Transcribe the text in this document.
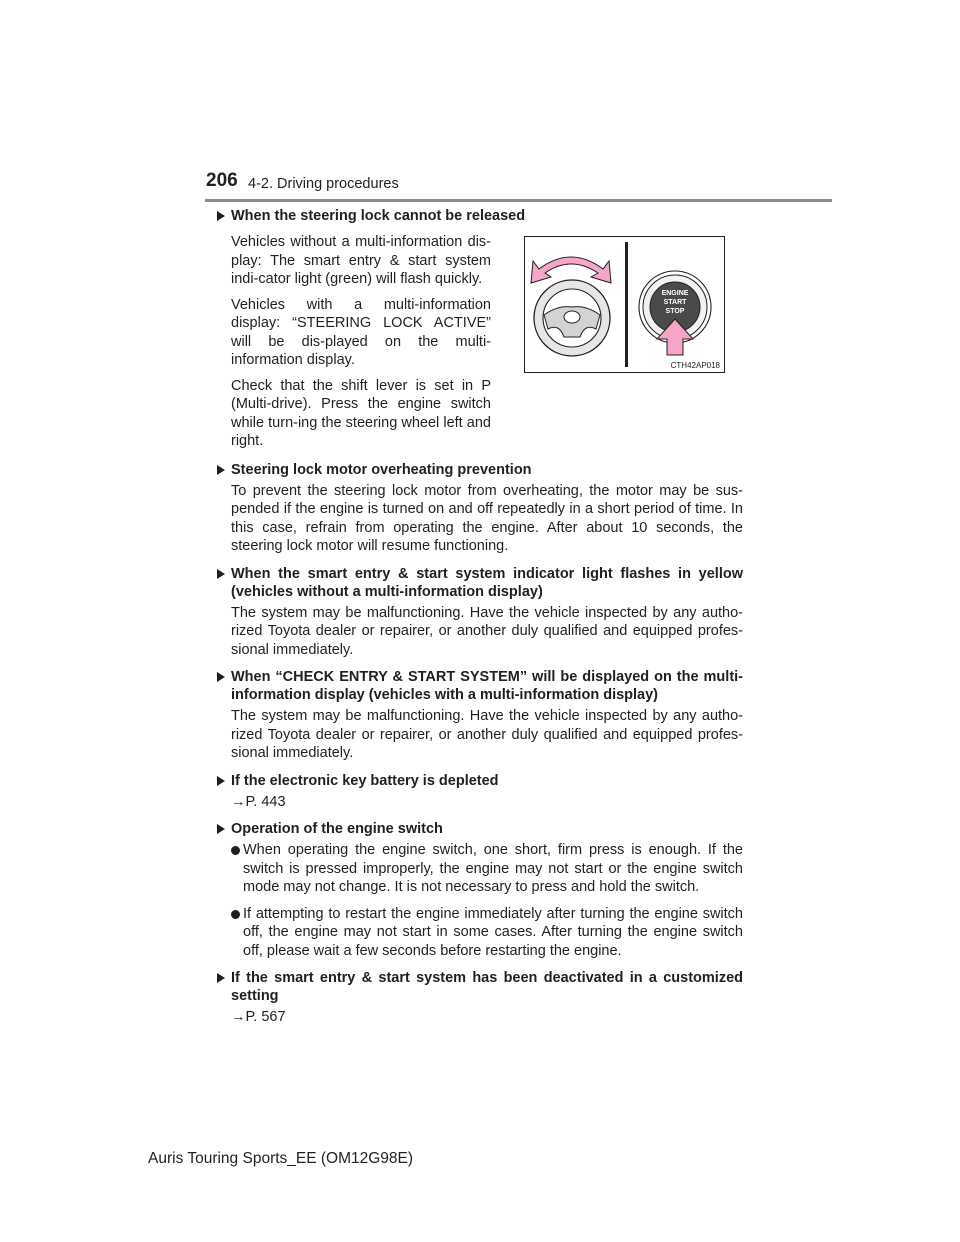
206 4-2. Driving procedures
ENGINE
START
STOP
CTH42AP018

When the steering lock cannot be released

Vehicles without a multi-information dis-play: The smart entry & start system indi-cator light (green) will flash quickly.

Vehicles with a multi-information display: “STEERING LOCK ACTIVE” will be dis-played on the multi-information display.

Check that the shift lever is set in P (Multi-drive). Press the engine switch while turn-ing the steering wheel left and right.

Steering lock motor overheating prevention

To prevent the steering lock motor from overheating, the motor may be sus-pended if the engine is turned on and off repeatedly in a short period of time. In this case, refrain from operating the engine. After about 10 seconds, the steering lock motor will resume functioning.

When the smart entry & start system indicator light flashes in yellow (vehicles without a multi-information display)

The system may be malfunctioning. Have the vehicle inspected by any autho-rized Toyota dealer or repairer, or another duly qualified and equipped profes-sional immediately.

When “CHECK ENTRY & START SYSTEM” will be displayed on the multi-information display (vehicles with a multi-information display)

The system may be malfunctioning. Have the vehicle inspected by any autho-rized Toyota dealer or repairer, or another duly qualified and equipped profes-sional immediately.

If the electronic key battery is depleted

→P. 443

Operation of the engine switch

When operating the engine switch, one short, firm press is enough. If the switch is pressed improperly, the engine may not start or the engine switch mode may not change. It is not necessary to press and hold the switch.
If attempting to restart the engine immediately after turning the engine switch off, the engine may not start in some cases. After turning the engine switch off, please wait a few seconds before restarting the engine.

If the smart entry & start system has been deactivated in a customized setting

→P. 567

Auris Touring Sports_EE (OM12G98E)
